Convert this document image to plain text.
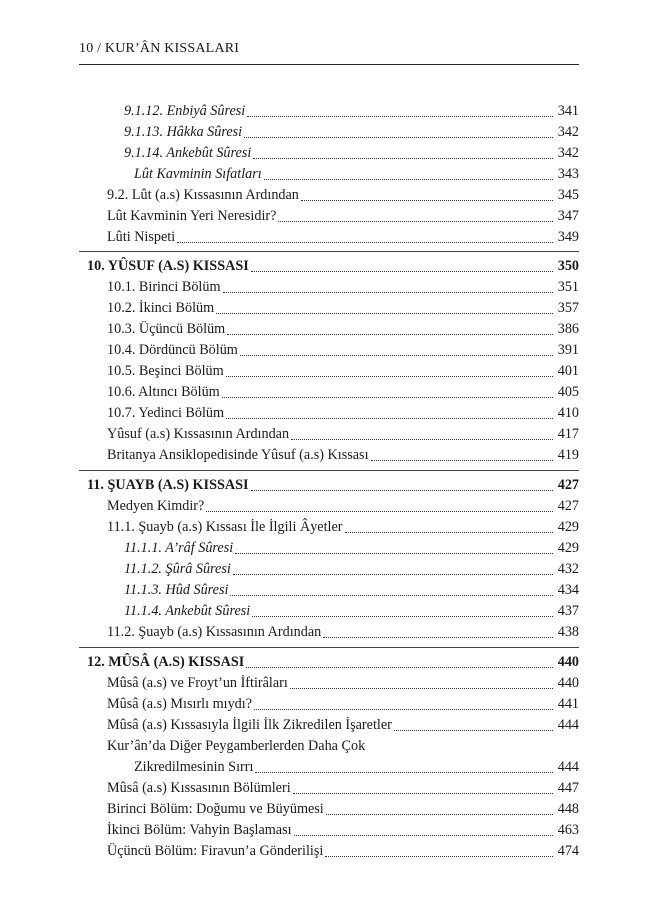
10 / KUR’ÂN KISSALARI
9.1.12. Enbiyâ Sûresi	341
9.1.13. Hâkka Sûresi	342
9.1.14. Ankebût Sûresi	342
Lût Kavminin Sıfatları	343
9.2. Lût (a.s) Kıssasının Ardından	345
Lût Kavminin Yeri Neresidir?	347
Lûti Nispeti	349
10. YÛSUF (A.S) KISSASI	350
10.1. Birinci Bölüm	351
10.2. İkinci Bölüm	357
10.3. Üçüncü Bölüm	386
10.4. Dördüncü Bölüm	391
10.5. Beşinci Bölüm	401
10.6. Altıncı Bölüm	405
10.7. Yedinci Bölüm	410
Yûsuf (a.s) Kıssasının Ardından	417
Britanya Ansiklopedisinde Yûsuf (a.s) Kıssası	419
11. ŞUAYB (A.S) KISSASI	427
Medyen Kimdir?	427
11.1. Şuayb (a.s) Kıssası İle İlgili Âyetler	429
11.1.1. A’râf Sûresi	429
11.1.2. Şûrâ Sûresi	432
11.1.3. Hûd Sûresi	434
11.1.4. Ankebût Sûresi	437
11.2. Şuayb (a.s) Kıssasının Ardından	438
12. MÛSÂ (A.S) KISSASI	440
Mûsâ (a.s) ve Froyt’un İftirâları	440
Mûsâ (a.s) Mısırlı mıydı?	441
Mûsâ (a.s) Kıssasıyla İlgili İlk Zikredilen İşaretler	444
Kur’ân’da Diğer Peygamberlerden Daha Çok
Zikredilmesinin Sırrı	444
Mûsâ (a.s) Kıssasının Bölümleri	447
Birinci Bölüm: Doğumu ve Büyümesi	448
İkinci Bölüm: Vahyin Başlaması	463
Üçüncü Bölüm: Firavun’a Gönderilişi	474
